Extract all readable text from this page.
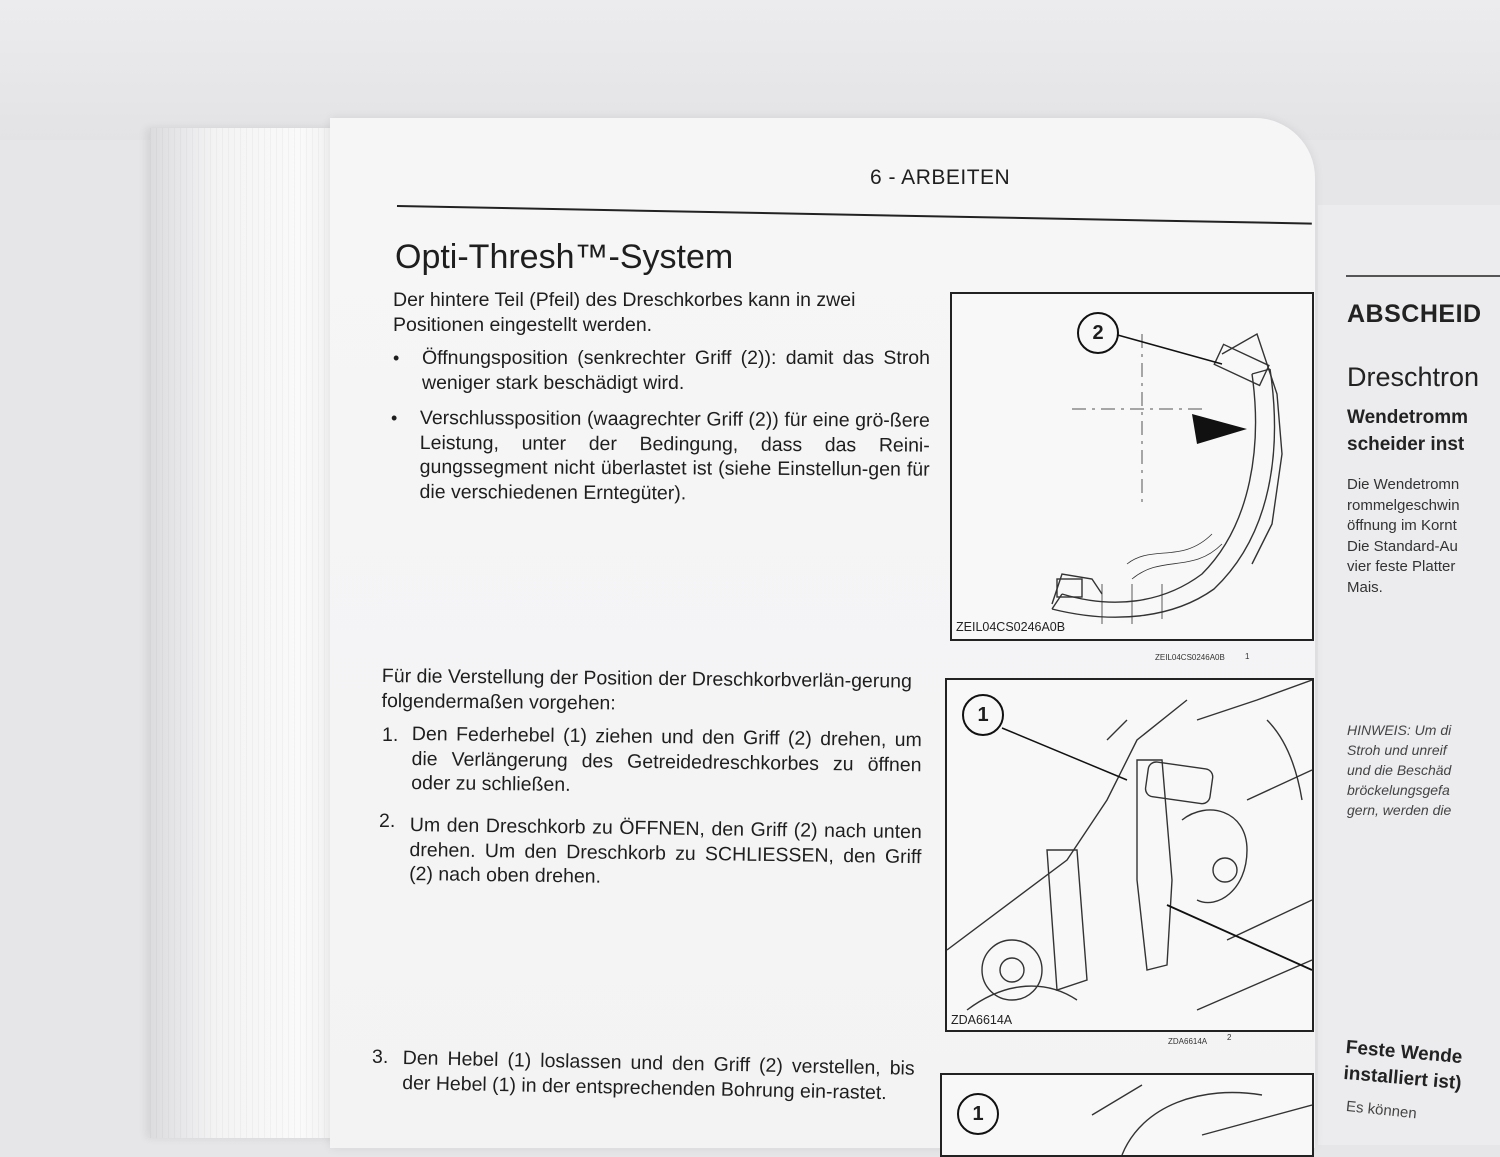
ABSCHEID
Dreschtron
Wendetromm
scheider inst
Die Wendetromn
rommelgeschwin
öffnung im Kornt
Die Standard-Au
vier feste Platter
Mais.
HINWEIS: Um di
Stroh und unreif
und die Beschäd
bröckelungsgefa
gern, werden die
Feste Wende
installiert ist)
Es können
6 - ARBEITEN
Opti-Thresh™-System
Der hintere Teil (Pfeil) des Dreschkorbes kann in zwei Positionen eingestellt werden.
• Öffnungsposition (senkrechter Griff (2)): damit das Stroh weniger stark beschädigt wird.
• Verschlussposition (waagrechter Griff (2)) für eine grö-ßere Leistung, unter der Bedingung, dass das Reini-gungssegment nicht überlastet ist (siehe Einstellun-gen für die verschiedenen Erntegüter).
Für die Verstellung der Position der Dreschkorbverlän-gerung folgendermaßen vorgehen:
1. Den Federhebel (1) ziehen und den Griff (2) drehen, um die Verlängerung des Getreidedreschkorbes zu öffnen oder zu schließen.
2. Um den Dreschkorb zu ÖFFNEN, den Griff (2) nach unten drehen. Um den Dreschkorb zu SCHLIESSEN, den Griff (2) nach oben drehen.
3. Den Hebel (1) loslassen und den Griff (2) verstellen, bis der Hebel (1) in der entsprechenden Bohrung ein-rastet.
2
ZEIL04CS0246A0B
ZEIL04CS0246A0B	1
1
ZDA6614A
ZDA6614A 2
1
